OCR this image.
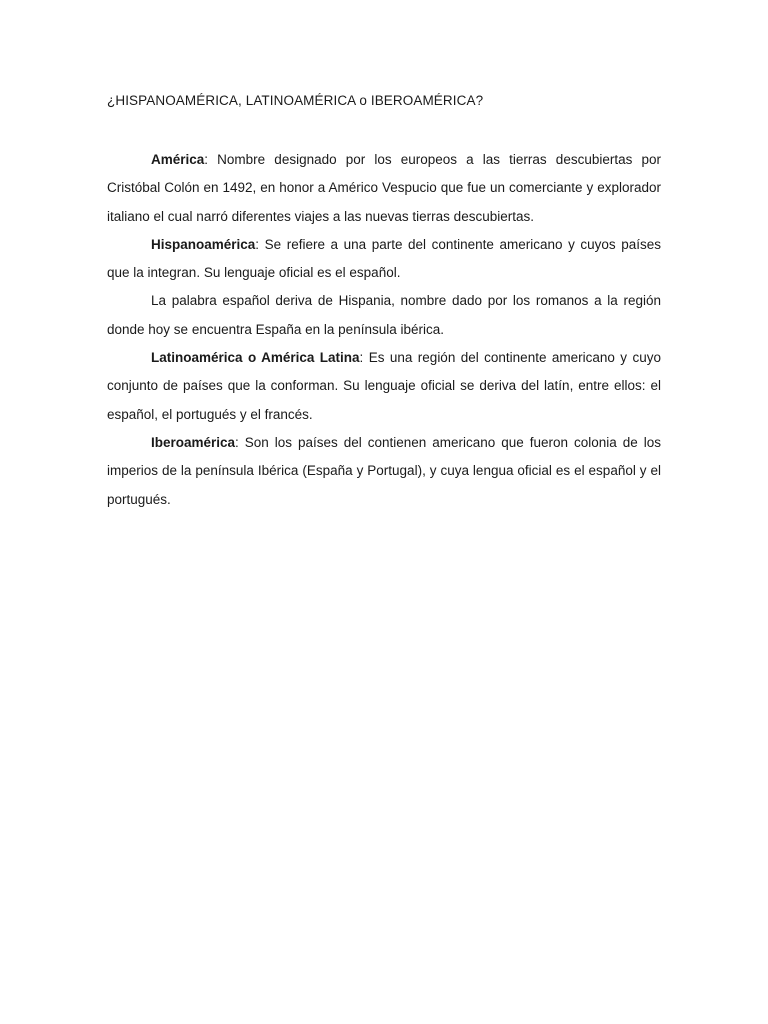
¿HISPANOAMÉRICA, LATINOAMÉRICA o IBEROAMÉRICA?

América: Nombre designado por los europeos a las tierras descubiertas por Cristóbal Colón en 1492, en honor a Américo Vespucio que fue un comerciante y explorador italiano el cual narró diferentes viajes a las nuevas tierras descubiertas.

Hispanoamérica: Se refiere a una parte del continente americano y cuyos países que la integran. Su lenguaje oficial es el español.

La palabra español deriva de Hispania, nombre dado por los romanos a la región donde hoy se encuentra España en la península ibérica.

Latinoamérica o América Latina: Es una región del continente americano y cuyo conjunto de países que la conforman. Su lenguaje oficial se deriva del latín, entre ellos: el español, el portugués y el francés.

Iberoamérica: Son los países del contienen americano que fueron colonia de los imperios de la península Ibérica (España y Portugal), y cuya lengua oficial es el español y el portugués.
